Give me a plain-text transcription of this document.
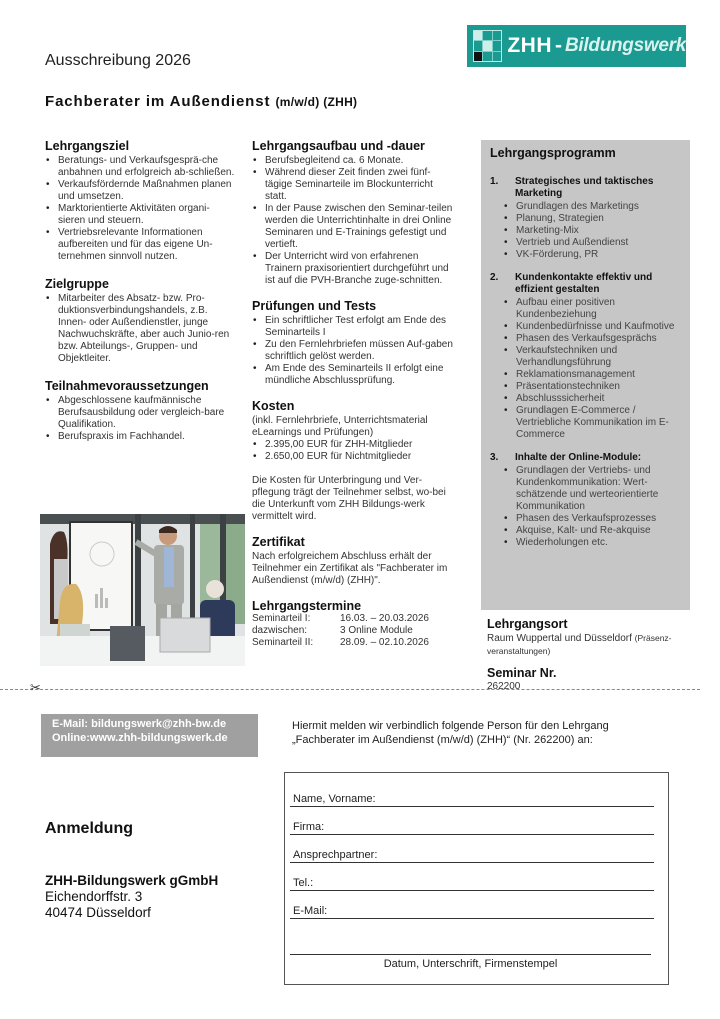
Ausschreibung 2026
Fachberater im Außendienst (m/w/d) (ZHH)
ZHH - Bildungswerk
Lehrgangsziel
• Beratungs- und Verkaufsgesprä-che anbahnen und erfolgreich ab-schließen.
• Verkaufsfördernde Maßnahmen planen und umsetzen.
• Marktorientierte Aktivitäten organi-sieren und steuern.
• Vertriebsrelevante Informationen aufbereiten und für das eigene Un-ternehmen sinnvoll nutzen.
Zielgruppe
• Mitarbeiter des Absatz- bzw. Pro-duktionsverbindungshandels, z.B. Innen- oder Außendienstler, junge Nachwuchskräfte, aber auch Junio-ren bzw. Abteilungs-, Gruppen- und Objektleiter.
Teilnahmevoraussetzungen
• Abgeschlossene kaufmännische Berufsausbildung oder vergleich-bare Qualifikation.
• Berufspraxis im Fachhandel.
Lehrgangsaufbau und -dauer
• Berufsbegleitend ca. 6 Monate.
• Während dieser Zeit finden zwei fünf-tägige Seminarteile im Blockunterricht statt.
• In der Pause zwischen den Seminar-teilen werden die Unterrichtinhalte in drei Online Seminaren und E-Trainings gefestigt und vertieft.
• Der Unterricht wird von erfahrenen Trainern praxisorientiert durchgeführt und ist auf die PVH-Branche zuge-schnitten.
Prüfungen und Tests
• Ein schriftlicher Test erfolgt am Ende des Seminarteils I
• Zu den Fernlehrbriefen müssen Auf-gaben schriftlich gelöst werden.
• Am Ende des Seminarteils II erfolgt eine mündliche Abschlussprüfung.
Kosten
(inkl. Fernlehrbriefe, Unterrichtsmaterial eLearnings und Prüfungen)
• 2.395,00 EUR für ZHH-Mitglieder
• 2.650,00 EUR für Nichtmitglieder
Die Kosten für Unterbringung und Ver-pflegung trägt der Teilnehmer selbst, wo-bei die Unterkunft vom ZHH Bildungs-werk vermittelt wird.
Zertifikat
Nach erfolgreichem Abschluss erhält der Teilnehmer ein Zertifikat als "Fachberater im Außendienst (m/w/d) (ZHH)".
Lehrgangstermine
Seminarteil I:	16.03. – 20.03.2026
dazwischen:	3 Online Module
Seminarteil II:	28.09. – 02.10.2026
Lehrgangsprogramm
1.	Strategisches und taktisches Marketing
• Grundlagen des Marketings
• Planung, Strategien
• Marketing-Mix
• Vertrieb und Außendienst
• VK-Förderung, PR
2.	Kundenkontakte effektiv und effizient gestalten
• Aufbau einer positiven Kundenbeziehung
• Kundenbedürfnisse und Kaufmotive
• Phasen des Verkaufsgesprächs
• Verkaufstechniken und Verhandlungsführung
• Reklamationsmanagement
• Präsentationstechniken
• Abschlusssicherheit
• Grundlagen E-Commerce / Vertriebliche Kommunikation im E-Commerce
3.	Inhalte der Online-Module:
• Grundlagen der Vertriebs- und Kundenkommunikation: Wert-schätzende und werteorientierte Kommunikation
• Phasen des Verkaufsprozesses
• Akquise, Kalt- und Re-akquise
• Wiederholungen etc.
Lehrgangsort
Raum Wuppertal und Düsseldorf (Präsenz-veranstaltungen)
Seminar Nr.
262200
✂
E-Mail: bildungswerk@zhh-bw.de
Online:www.zhh-bildungswerk.de
Hiermit melden wir verbindlich folgende Person für den Lehrgang
„Fachberater im Außendienst (m/w/d) (ZHH)“ (Nr. 262200) an:
Anmeldung
ZHH-Bildungswerk gGmbH
Eichendorffstr. 3
40474 Düsseldorf
Name, Vorname:
Firma:
Ansprechpartner:
Tel.:
E-Mail:
Datum, Unterschrift, Firmenstempel
